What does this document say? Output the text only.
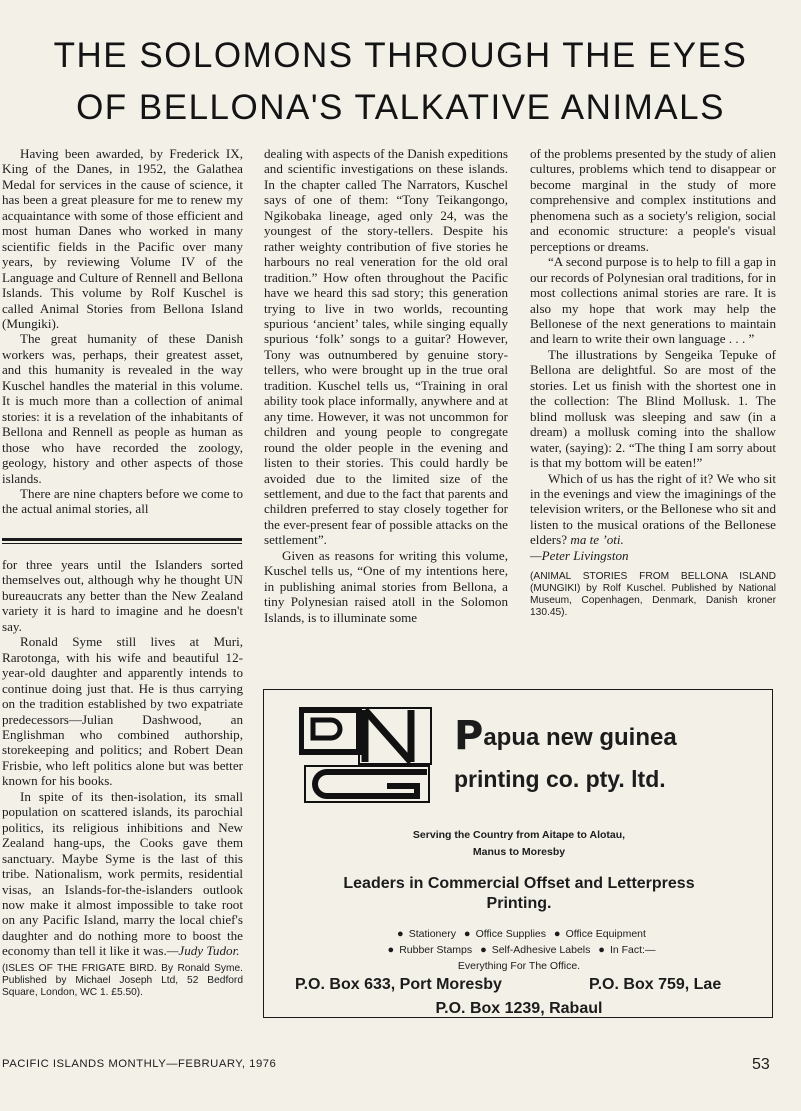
THE SOLOMONS THROUGH THE EYES
OF BELLONA'S TALKATIVE ANIMALS

Having been awarded, by Frederick IX, King of the Danes, in 1952, the Galathea Medal for services in the cause of science, it has been a great pleasure for me to renew my acquaintance with some of those efficient and most human Danes who worked in many scientific fields in the Pacific over many years, by reviewing Volume IV of the Language and Culture of Rennell and Bellona Islands. This volume by Rolf Kuschel is called Animal Stories from Bellona Island (Mungiki).

The great humanity of these Danish workers was, perhaps, their greatest asset, and this humanity is revealed in the way Kuschel handles the material in this volume. It is much more than a collection of animal stories: it is a revelation of the inhabitants of Bellona and Rennell as people as human as those who have recorded the zoology, geology, history and other aspects of those islands.

There are nine chapters before we come to the actual animal stories, all

for three years until the Islanders sorted themselves out, although why he thought UN bureaucrats any better than the New Zealand variety it is hard to imagine and he doesn't say.

Ronald Syme still lives at Muri, Rarotonga, with his wife and beautiful 12-year-old daughter and apparently intends to continue doing just that. He is thus carrying on the tradition established by two expatriate predecessors—Julian Dashwood, an Englishman who combined authorship, storekeeping and politics; and Robert Dean Frisbie, who left politics alone but was better known for his books.

In spite of its then-isolation, its small population on scattered islands, its parochial politics, its religious inhibitions and New Zealand hang-ups, the Cooks gave them sanctuary. Maybe Syme is the last of this tribe. Nationalism, work permits, residential visas, an Islands-for-the-islanders outlook now make it almost impossible to take root on any Pacific Island, marry the local chief's daughter and do nothing more to boost the economy than tell it like it was.—Judy Tudor.

(ISLES OF THE FRIGATE BIRD. By Ronald Syme. Published by Michael Joseph Ltd, 52 Bedford Square, London, WC 1. £5.50).

dealing with aspects of the Danish expeditions and scientific investigations on these islands. In the chapter called The Narrators, Kuschel says of one of them: “Tony Teikangongo, Ngikobaka lineage, aged only 24, was the youngest of the story-tellers. Despite his rather weighty contribution of five stories he harbours no real veneration for the old oral tradition.” How often throughout the Pacific have we heard this sad story; this generation trying to live in two worlds, recounting spurious ‘ancient’ tales, while singing equally spurious ‘folk’ songs to a guitar? However, Tony was outnumbered by genuine story-tellers, who were brought up in the true oral tradition. Kuschel tells us, “Training in oral ability took place informally, anywhere and at any time. However, it was not uncommon for children and young people to congregate round the older people in the evening and listen to their stories. This could hardly be avoided due to the limited size of the settlement, and due to the fact that parents and children preferred to stay closely together for the ever-present fear of possible attacks on the settlement”.

Given as reasons for writing this volume, Kuschel tells us, “One of my intentions here, in publishing animal stories from Bellona, a tiny Polynesian raised atoll in the Solomon Islands, is to illuminate some

of the problems presented by the study of alien cultures, problems which tend to disappear or become marginal in the study of more comprehensive and complex institutions and phenomena such as a society's religion, social and economic structure: a people's visual perceptions or dreams.

“A second purpose is to help to fill a gap in our records of Polynesian oral traditions, for in most collections animal stories are rare. It is also my hope that work may help the Bellonese of the next generations to maintain and learn to write their own language . . . ”

The illustrations by Sengeika Tepuke of Bellona are delightful. So are most of the stories. Let us finish with the shortest one in the collection: The Blind Mollusk. 1. The blind mollusk was sleeping and saw (in a dream) a mollusk coming into the shallow water, (saying): 2. “The thing I am sorry about is that my bottom will be eaten!”

Which of us has the right of it? We who sit in the evenings and view the imaginings of the television writers, or the Bellonese who sit and listen to the musical orations of the Bellonese elders? ma te ’oti.

—Peter Livingston

(ANIMAL STORIES FROM BELLONA ISLAND (MUNGIKI) by Rolf Kuschel. Published by National Museum, Copenhagen, Denmark, Danish kroner 130.45).
Papua new guinea
printing co. pty. ltd.
Serving the Country from Aitape to Alotau,
Manus to Moresby
Leaders in Commercial Offset and Letterpress
Printing.
● Stationery ● Office Supplies ● Office Equipment
● Rubber Stamps ● Self-Adhesive Labels ● In Fact:—
Everything For The Office.
P.O. Box 633, Port Moresby	P.O. Box 759, Lae
P.O. Box 1239, Rabaul
PACIFIC ISLANDS MONTHLY—FEBRUARY, 1976	53
